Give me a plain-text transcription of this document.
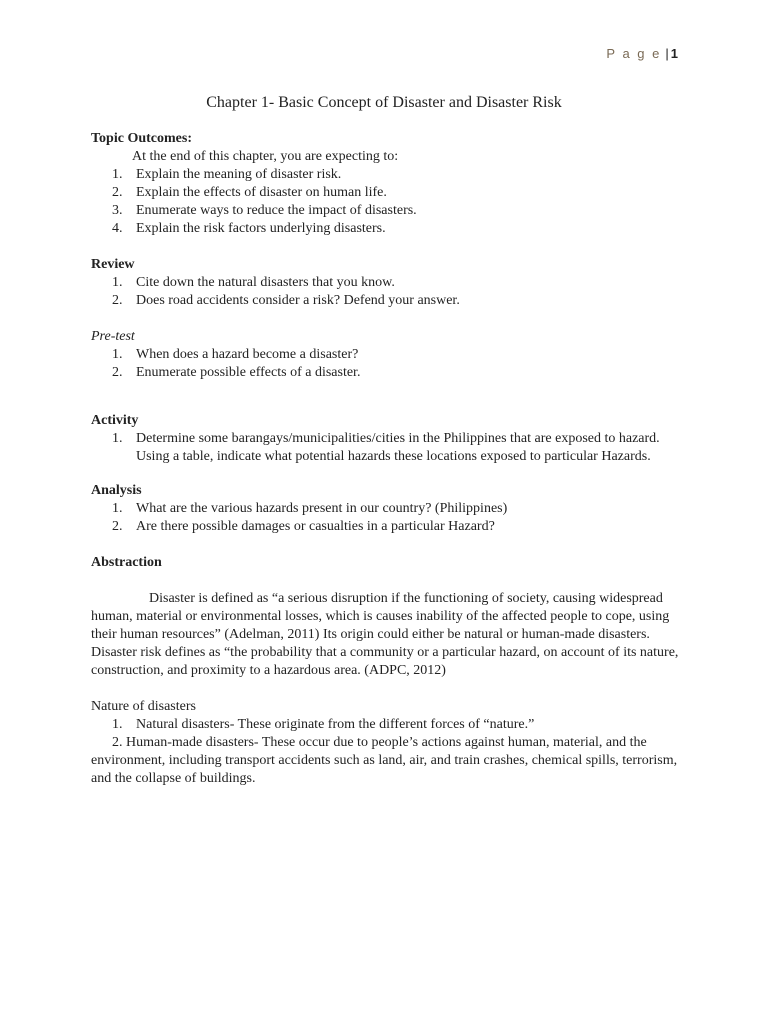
P a g e | 1
Chapter 1- Basic Concept of Disaster and Disaster Risk

Topic Outcomes:

At the end of this chapter, you are expecting to:
1. Explain the meaning of disaster risk.
2. Explain the effects of disaster on human life.
3. Enumerate ways to reduce the impact of disasters.
4. Explain the risk factors underlying disasters.

Review

1. Cite down the natural disasters that you know.
2. Does road accidents consider a risk? Defend your answer.

Pre-test

1. When does a hazard become a disaster?
2. Enumerate possible effects of a disaster.

Activity

1. Determine some barangays/municipalities/cities in the Philippines that are exposed to hazard. Using a table, indicate what potential hazards these locations exposed to particular Hazards.

Analysis

1. What are the various hazards present in our country? (Philippines)
2. Are there possible damages or casualties in a particular Hazard?

Abstraction

Disaster is defined as “a serious disruption if the functioning of society, causing widespread human, material or environmental losses, which is causes inability of the affected people to cope, using their human resources” (Adelman, 2011) Its origin could either be natural or human-made disasters. Disaster risk defines as “the probability that a community or a particular hazard, on account of its nature, construction, and proximity to a hazardous area. (ADPC, 2012)
Nature of disasters
1. Natural disasters- These originate from the different forces of “nature.”
2. Human-made disasters- These occur due to people’s actions against human, material, and the environment, including transport accidents such as land, air, and train crashes, chemical spills, terrorism, and the collapse of buildings.
